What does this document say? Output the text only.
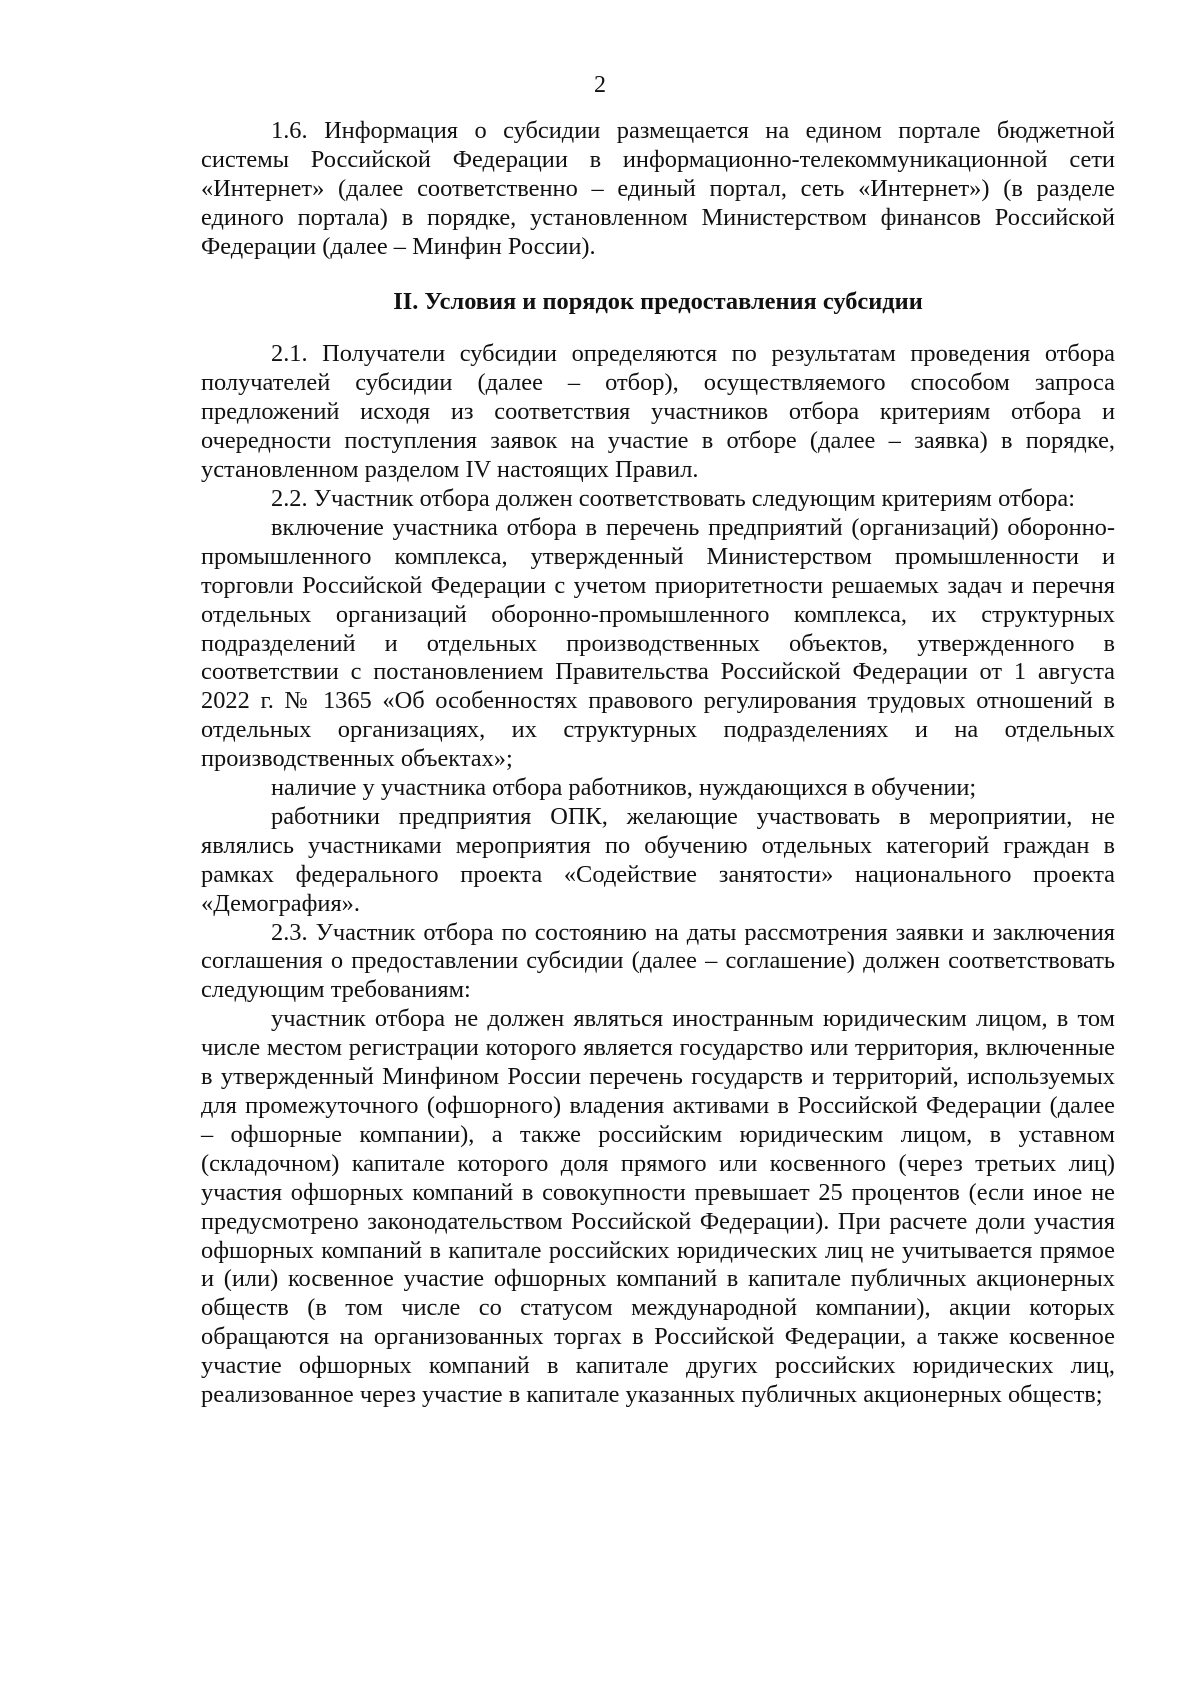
2

1.6. Информация о субсидии размещается на едином портале бюджетной системы Российской Федерации в информационно-телекоммуникационной сети «Интернет» (далее соответственно – единый портал, сеть «Интернет») (в разделе единого портала) в порядке, установленном Министерством финансов Российской Федерации (далее – Минфин России).

II. Условия и порядок предоставления субсидии

2.1. Получатели субсидии определяются по результатам проведения отбора получателей субсидии (далее – отбор), осуществляемого способом запроса предложений исходя из соответствия участников отбора критериям отбора и очередности поступления заявок на участие в отборе (далее – заявка) в порядке, установленном разделом IV настоящих Правил.

2.2. Участник отбора должен соответствовать следующим критериям отбора:

включение участника отбора в перечень предприятий (организаций) оборонно-промышленного комплекса, утвержденный Министерством промышленности и торговли Российской Федерации с учетом приоритетности решаемых задач и перечня отдельных организаций оборонно-промышленного комплекса, их структурных подразделений и отдельных производственных объектов, утвержденного в соответствии с постановлением Правительства Российской Федерации от 1 августа 2022 г. № 1365 «Об особенностях правового регулирования трудовых отношений в отдельных организациях, их структурных подразделениях и на отдельных производственных объектах»;

наличие у участника отбора работников, нуждающихся в обучении;

работники предприятия ОПК, желающие участвовать в мероприятии, не являлись участниками мероприятия по обучению отдельных категорий граждан в рамках федерального проекта «Содействие занятости» национального проекта «Демография».

2.3. Участник отбора по состоянию на даты рассмотрения заявки и заключения соглашения о предоставлении субсидии (далее – соглашение) должен соответствовать следующим требованиям:

участник отбора не должен являться иностранным юридическим лицом, в том числе местом регистрации которого является государство или территория, включенные в утвержденный Минфином России перечень государств и территорий, используемых для промежуточного (офшорного) владения активами в Российской Федерации (далее – офшорные компании), а также российским юридическим лицом, в уставном (складочном) капитале которого доля прямого или косвенного (через третьих лиц) участия офшорных компаний в совокупности превышает 25 процентов (если иное не предусмотрено законодательством Российской Федерации). При расчете доли участия офшорных компаний в капитале российских юридических лиц не учитывается прямое и (или) косвенное участие офшорных компаний в капитале публичных акционерных обществ (в том числе со статусом международной компании), акции которых обращаются на организованных торгах в Российской Федерации, а также косвенное участие офшорных компаний в капитале других российских юридических лиц, реализованное через участие в капитале указанных публичных акционерных обществ;
